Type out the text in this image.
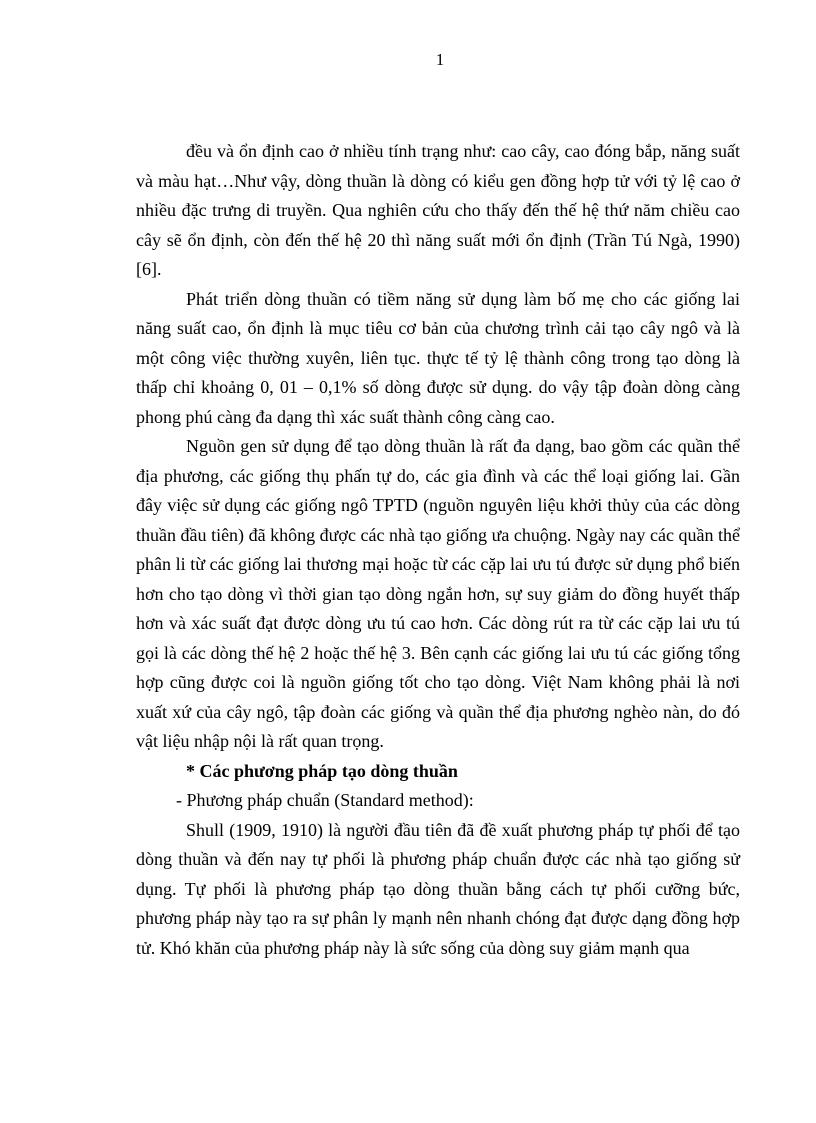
1

đều và ổn định cao ở nhiều tính trạng như: cao cây, cao đóng bắp, năng suất và màu hạt…Như vậy, dòng thuần là dòng có kiểu gen đồng hợp tử với tỷ lệ cao ở nhiều đặc trưng di truyền. Qua nghiên cứu cho thấy đến thế hệ thứ năm chiều cao cây sẽ ổn định, còn đến thế hệ 20 thì năng suất mới ổn định (Trần Tú Ngà, 1990) [6].

Phát triển dòng thuần có tiềm năng sử dụng làm bố mẹ cho các giống lai năng suất cao, ổn định là mục tiêu cơ bản của chương trình cải tạo cây ngô và là một công việc thường xuyên, liên tục. thực tế tỷ lệ thành công trong tạo dòng là thấp chỉ khoảng 0, 01 – 0,1% số dòng được sử dụng. do vậy tập đoàn dòng càng phong phú càng đa dạng thì xác suất thành công càng cao.

Nguồn gen sử dụng để tạo dòng thuần là rất đa dạng, bao gồm các quần thể địa phương, các giống thụ phấn tự do, các gia đình và các thể loại giống lai. Gần đây việc sử dụng các giống ngô TPTD (nguồn nguyên liệu khởi thủy của các dòng thuần đầu tiên) đã không được các nhà tạo giống ưa chuộng. Ngày nay các quần thể phân li từ các giống lai thương mại hoặc từ các cặp lai ưu tú được sử dụng phổ biến hơn cho tạo dòng vì thời gian tạo dòng ngắn hơn, sự suy giảm do đồng huyết thấp hơn và xác suất đạt được dòng ưu tú cao hơn. Các dòng rút ra từ các cặp lai ưu tú gọi là các dòng thế hệ 2 hoặc thế hệ 3. Bên cạnh các giống lai ưu tú các giống tổng hợp cũng được coi là nguồn giống tốt cho tạo dòng. Việt Nam không phải là nơi xuất xứ của cây ngô, tập đoàn các giống và quần thể địa phương nghèo nàn, do đó vật liệu nhập nội là rất quan trọng.

* Các phương pháp tạo dòng thuần

- Phương pháp chuẩn (Standard method):

Shull (1909, 1910) là người đầu tiên đã đề xuất phương pháp tự phối để tạo dòng thuần và đến nay tự phối là phương pháp chuẩn được các nhà tạo giống sử dụng. Tự phối là phương pháp tạo dòng thuần bằng cách tự phối cưỡng bức, phương pháp này tạo ra sự phân ly mạnh nên nhanh chóng đạt được dạng đồng hợp tử. Khó khăn của phương pháp này là sức sống của dòng suy giảm mạnh qua
